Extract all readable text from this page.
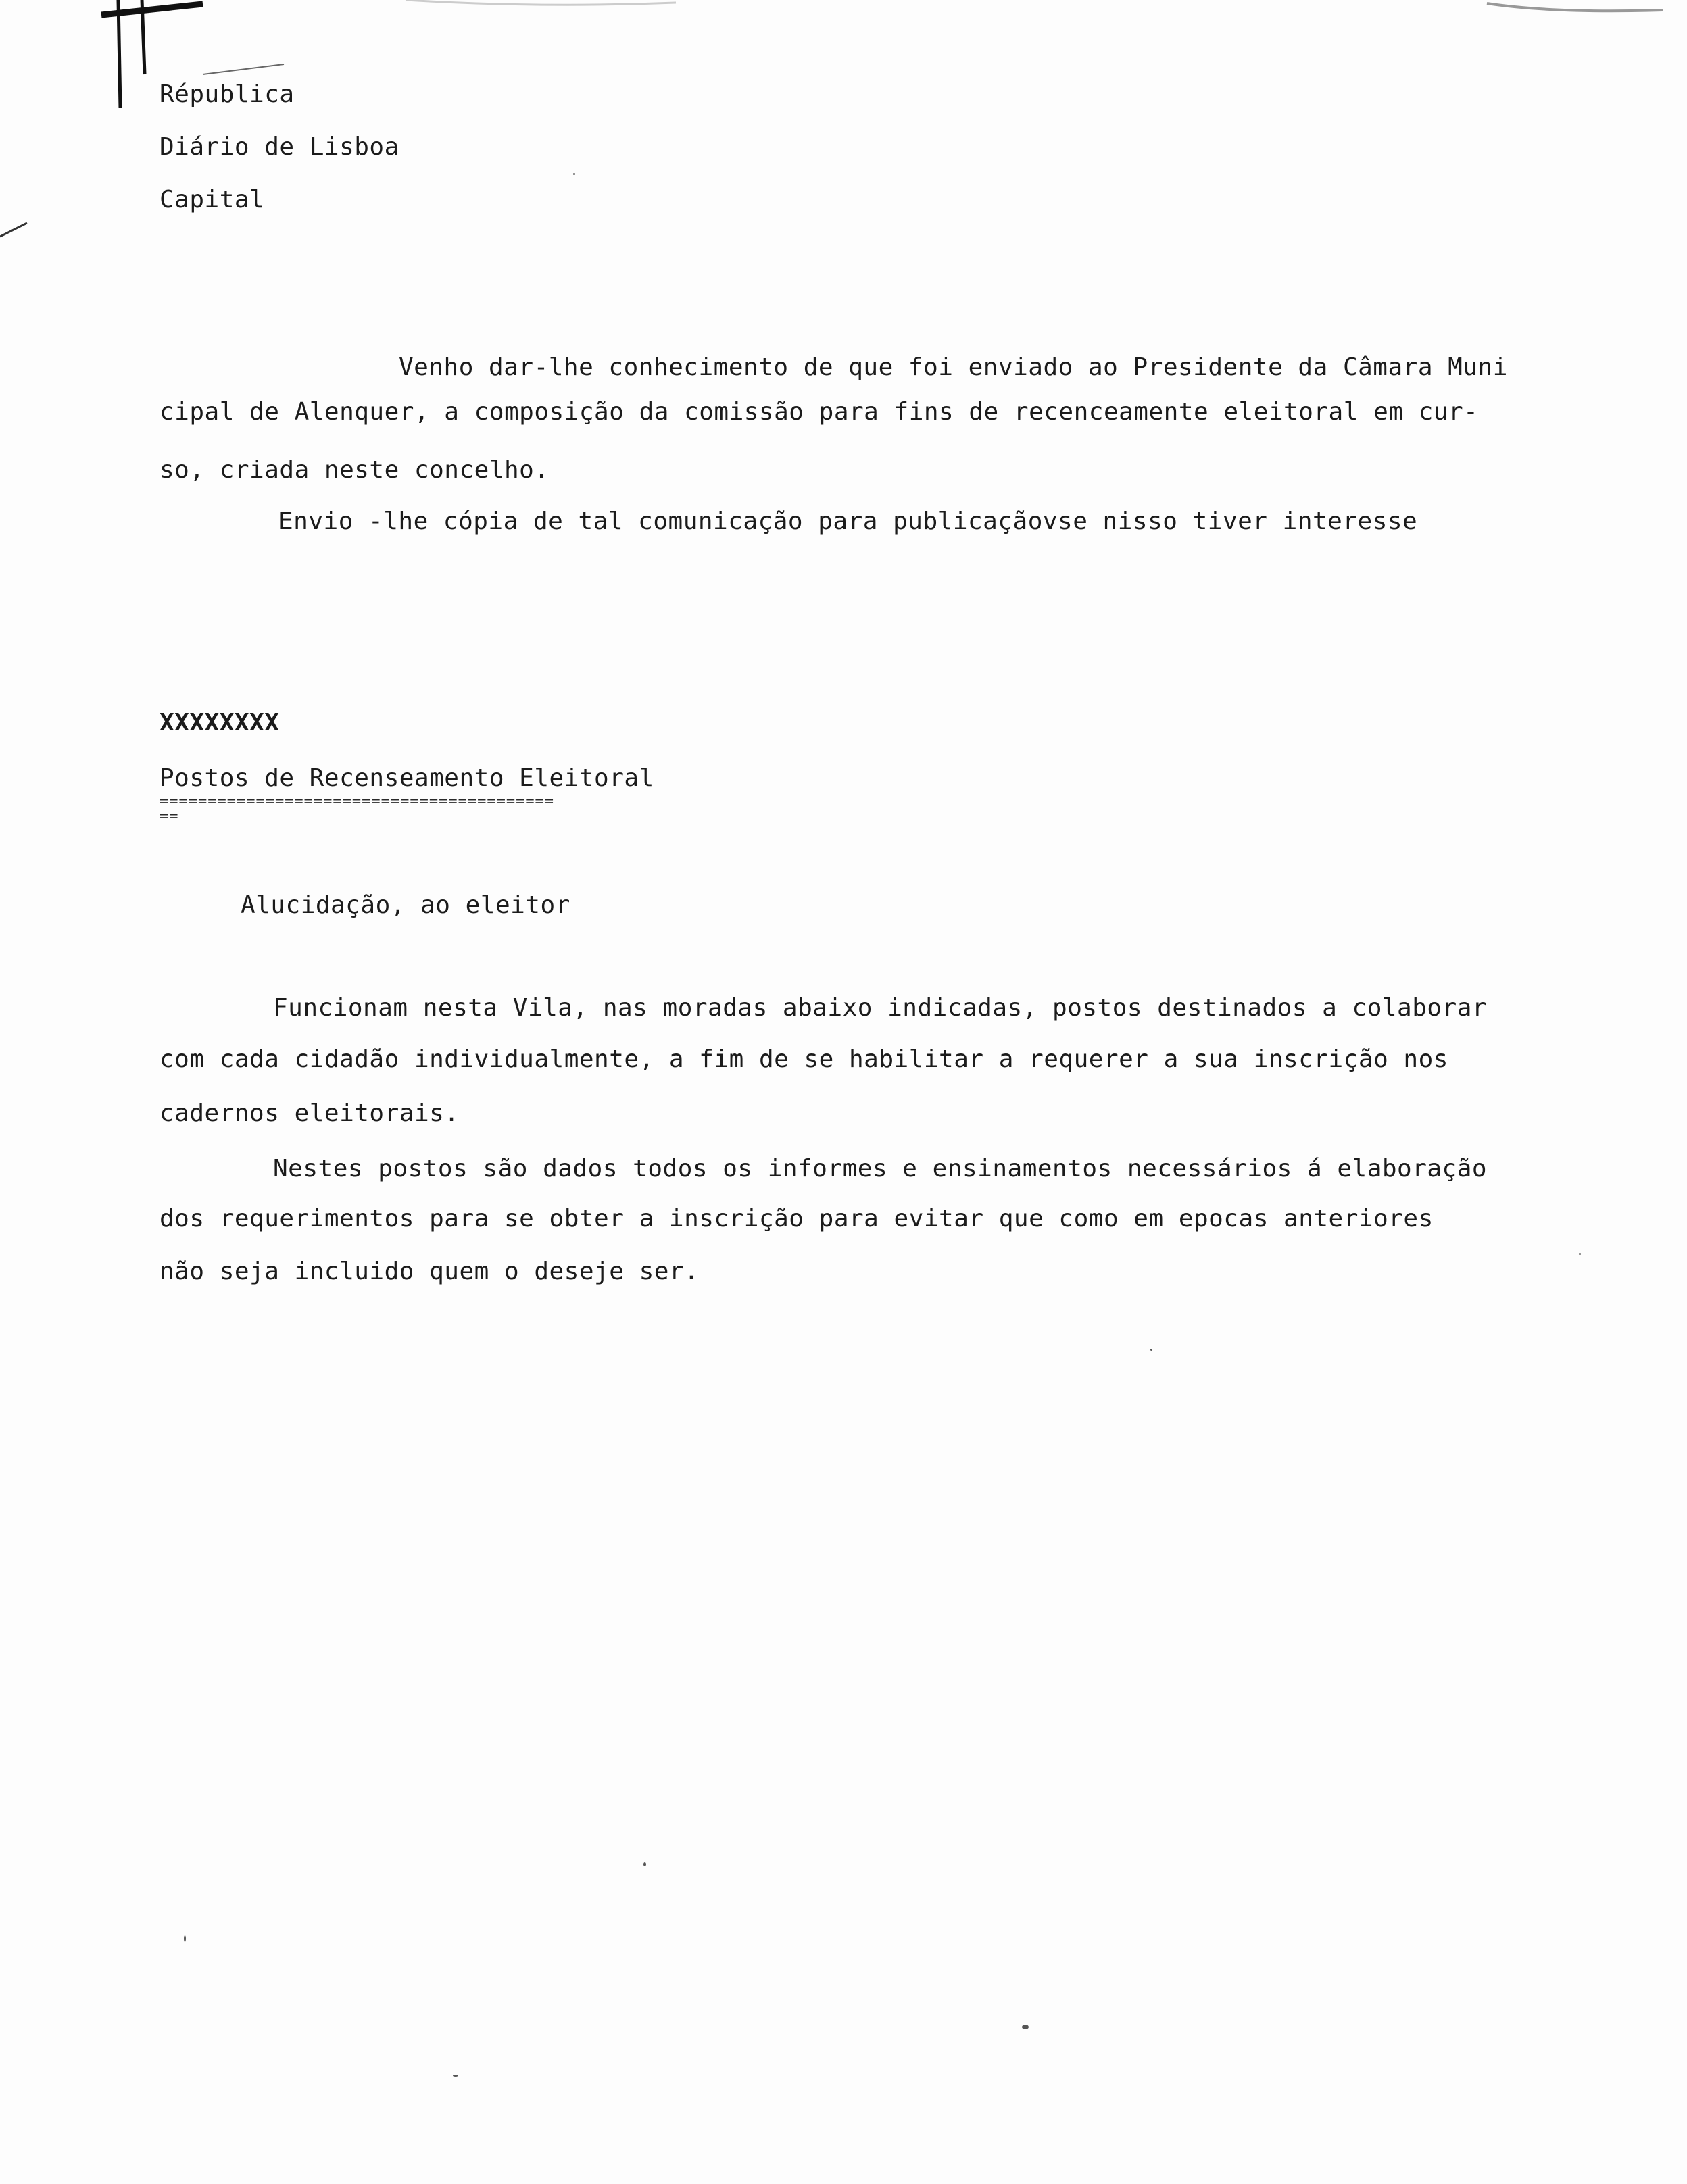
Républica
Diário de Lisboa
Capital
Venho dar-lhe conhecimento de que foi enviado ao Presidente da Câmara Muni
cipal de Alenquer, a composição da comissão para fins de recenceamente eleitoral em cur-
so, criada neste concelho.
Envio -lhe cópia de tal comunicação para publicaçãovse nisso tiver interesse
XXXXXXXX
Postos de Recenseamento Eleitoral
=========================================
==
Alucidação, ao eleitor
Funcionam nesta Vila, nas moradas abaixo indicadas, postos destinados a colaborar
com cada cidadão individualmente, a fim de se habilitar a requerer a sua inscrição nos
cadernos eleitorais.
Nestes postos são dados todos os informes e ensinamentos necessários á elaboração
dos requerimentos para se obter a inscrição para evitar que como em epocas anteriores
não seja incluido quem o deseje ser.
